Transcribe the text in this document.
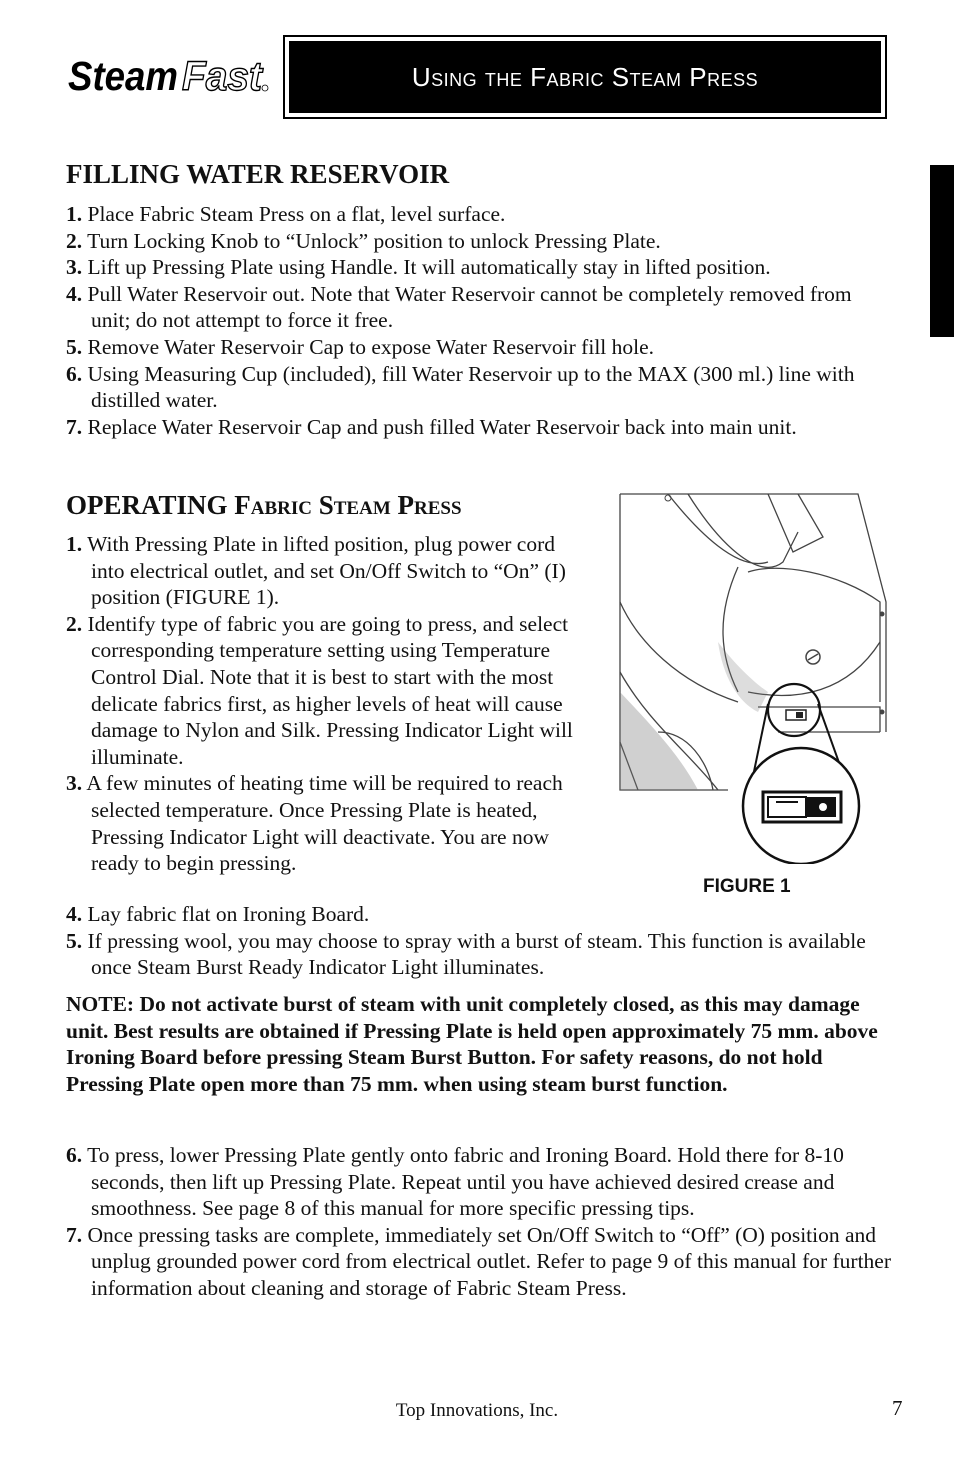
Steam Fast	Using the Fabric Steam Press
FILLING WATER RESERVOIR
1. Place Fabric Steam Press on a flat, level surface.
2. Turn Locking Knob to “Unlock” position to unlock Pressing Plate.
3. Lift up Pressing Plate using Handle. It will automatically stay in lifted position.
4. Pull Water Reservoir out. Note that Water Reservoir cannot be completely removed from unit; do not attempt to force it free.
5. Remove Water Reservoir Cap to expose Water Reservoir fill hole.
6. Using Measuring Cup (included), fill Water Reservoir up to the MAX (300 ml.) line with distilled water.
7. Replace Water Reservoir Cap and push filled Water Reservoir back into main unit.
OPERATING Fabric Steam Press
1. With Pressing Plate in lifted position, plug power cord into electrical outlet, and set On/Off Switch to “On” (I) position (FIGURE 1).
2. Identify type of fabric you are going to press, and select corresponding temperature setting using Temperature Control Dial. Note that it is best to start with the most delicate fabrics first, as higher levels of heat will cause damage to Nylon and Silk. Pressing Indicator Light will illuminate.
3. A few minutes of heating time will be required to reach selected temperature. Once Pressing Plate is heated, Pressing Indicator Light will deactivate. You are now ready to begin pressing.
4. Lay fabric flat on Ironing Board.
5. If pressing wool, you may choose to spray with a burst of steam. This function is available once Steam Burst Ready Indicator Light illuminates.

NOTE: Do not activate burst of steam with unit completely closed, as this may damage unit. Best results are obtained if Pressing Plate is held open approximately 75 mm. above Ironing Board before pressing Steam Burst Button. For safety reasons, do not hold Pressing Plate open more than 75 mm. when using steam burst function.

6. To press, lower Pressing Plate gently onto fabric and Ironing Board. Hold there for 8-10 seconds, then lift up Pressing Plate. Repeat until you have achieved desired crease and smoothness. See page 8 of this manual for more specific pressing tips.
7. Once pressing tasks are complete, immediately set On/Off Switch to “Off” (O) position and unplug grounded power cord from electrical outlet. Refer to page 9 of this manual for further information about cleaning and storage of Fabric Steam Press.
FIGURE 1
Top Innovations, Inc.	7
